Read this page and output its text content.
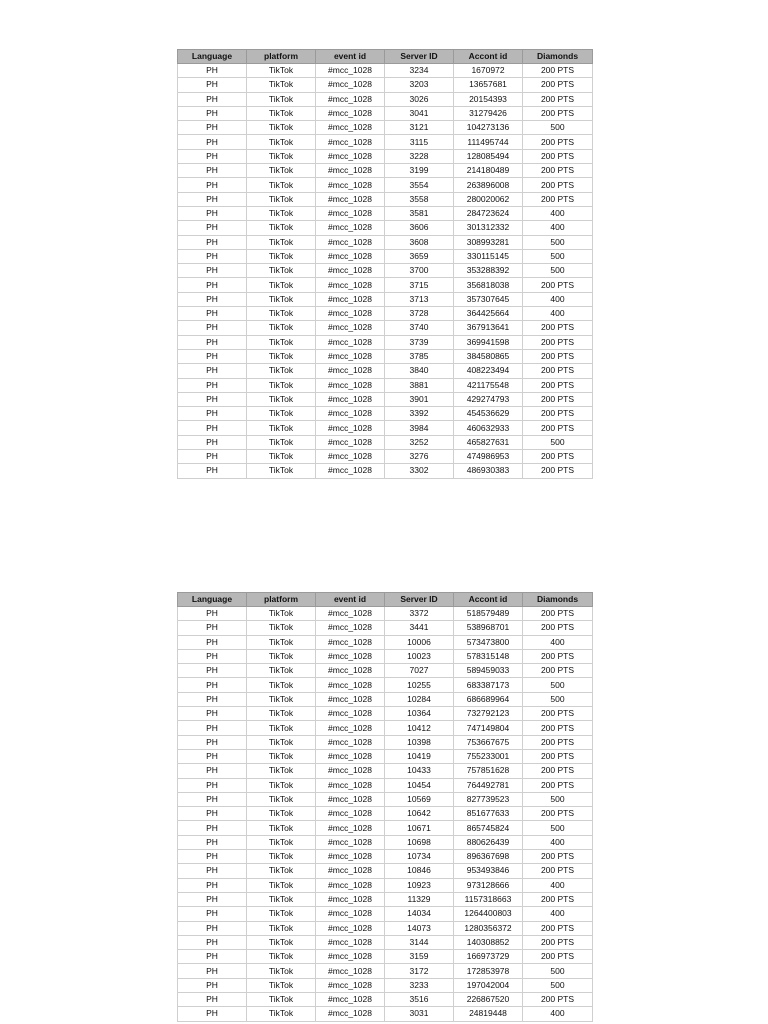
Language	platform	event id	Server ID	Accont id	Diamonds
PH	TikTok	#mcc_1028	3234	1670972	200 PTS
PH	TikTok	#mcc_1028	3203	13657681	200 PTS
PH	TikTok	#mcc_1028	3026	20154393	200 PTS
PH	TikTok	#mcc_1028	3041	31279426	200 PTS
PH	TikTok	#mcc_1028	3121	104273136	500
PH	TikTok	#mcc_1028	3115	111495744	200 PTS
PH	TikTok	#mcc_1028	3228	128085494	200 PTS
PH	TikTok	#mcc_1028	3199	214180489	200 PTS
PH	TikTok	#mcc_1028	3554	263896008	200 PTS
PH	TikTok	#mcc_1028	3558	280020062	200 PTS
PH	TikTok	#mcc_1028	3581	284723624	400
PH	TikTok	#mcc_1028	3606	301312332	400
PH	TikTok	#mcc_1028	3608	308993281	500
PH	TikTok	#mcc_1028	3659	330115145	500
PH	TikTok	#mcc_1028	3700	353288392	500
PH	TikTok	#mcc_1028	3715	356818038	200 PTS
PH	TikTok	#mcc_1028	3713	357307645	400
PH	TikTok	#mcc_1028	3728	364425664	400
PH	TikTok	#mcc_1028	3740	367913641	200 PTS
PH	TikTok	#mcc_1028	3739	369941598	200 PTS
PH	TikTok	#mcc_1028	3785	384580865	200 PTS
PH	TikTok	#mcc_1028	3840	408223494	200 PTS
PH	TikTok	#mcc_1028	3881	421175548	200 PTS
PH	TikTok	#mcc_1028	3901	429274793	200 PTS
PH	TikTok	#mcc_1028	3392	454536629	200 PTS
PH	TikTok	#mcc_1028	3984	460632933	200 PTS
PH	TikTok	#mcc_1028	3252	465827631	500
PH	TikTok	#mcc_1028	3276	474986953	200 PTS
PH	TikTok	#mcc_1028	3302	486930383	200 PTS
Language	platform	event id	Server ID	Accont id	Diamonds
PH	TikTok	#mcc_1028	3372	518579489	200 PTS
PH	TikTok	#mcc_1028	3441	538968701	200 PTS
PH	TikTok	#mcc_1028	10006	573473800	400
PH	TikTok	#mcc_1028	10023	578315148	200 PTS
PH	TikTok	#mcc_1028	7027	589459033	200 PTS
PH	TikTok	#mcc_1028	10255	683387173	500
PH	TikTok	#mcc_1028	10284	686689964	500
PH	TikTok	#mcc_1028	10364	732792123	200 PTS
PH	TikTok	#mcc_1028	10412	747149804	200 PTS
PH	TikTok	#mcc_1028	10398	753667675	200 PTS
PH	TikTok	#mcc_1028	10419	755233001	200 PTS
PH	TikTok	#mcc_1028	10433	757851628	200 PTS
PH	TikTok	#mcc_1028	10454	764492781	200 PTS
PH	TikTok	#mcc_1028	10569	827739523	500
PH	TikTok	#mcc_1028	10642	851677633	200 PTS
PH	TikTok	#mcc_1028	10671	865745824	500
PH	TikTok	#mcc_1028	10698	880626439	400
PH	TikTok	#mcc_1028	10734	896367698	200 PTS
PH	TikTok	#mcc_1028	10846	953493846	200 PTS
PH	TikTok	#mcc_1028	10923	973128666	400
PH	TikTok	#mcc_1028	11329	1157318663	200 PTS
PH	TikTok	#mcc_1028	14034	1264400803	400
PH	TikTok	#mcc_1028	14073	1280356372	200 PTS
PH	TikTok	#mcc_1028	3144	140308852	200 PTS
PH	TikTok	#mcc_1028	3159	166973729	200 PTS
PH	TikTok	#mcc_1028	3172	172853978	500
PH	TikTok	#mcc_1028	3233	197042004	500
PH	TikTok	#mcc_1028	3516	226867520	200 PTS
PH	TikTok	#mcc_1028	3031	24819448	400
